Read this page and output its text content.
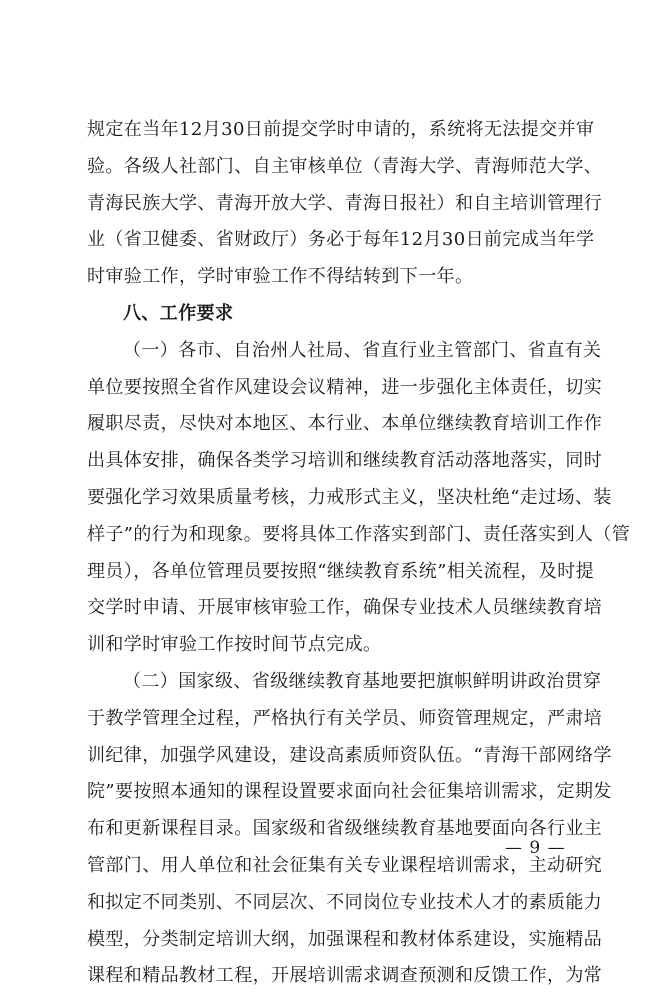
规定在当年12月30日前提交学时申请的，系统将无法提交并审
验。各级人社部门、自主审核单位（青海大学、青海师范大学、
青海民族大学、青海开放大学、青海日报社）和自主培训管理行
业（省卫健委、省财政厅）务必于每年12月30日前完成当年学
时审验工作，学时审验工作不得结转到下一年。
八、工作要求
（一）各市、自治州人社局、省直行业主管部门、省直有关
单位要按照全省作风建设会议精神，进一步强化主体责任，切实
履职尽责，尽快对本地区、本行业、本单位继续教育培训工作作
出具体安排，确保各类学习培训和继续教育活动落地落实，同时
要强化学习效果质量考核，力戒形式主义，坚决杜绝“走过场、装
样子”的行为和现象。要将具体工作落实到部门、责任落实到人（管
理员），各单位管理员要按照“继续教育系统”相关流程，及时提
交学时申请、开展审核审验工作，确保专业技术人员继续教育培
训和学时审验工作按时间节点完成。
（二）国家级、省级继续教育基地要把旗帜鲜明讲政治贯穿
于教学管理全过程，严格执行有关学员、师资管理规定，严肃培
训纪律，加强学风建设，建设高素质师资队伍。“青海干部网络学
院”要按照本通知的课程设置要求面向社会征集培训需求，定期发
布和更新课程目录。国家级和省级继续教育基地要面向各行业主
管部门、用人单位和社会征集有关专业课程培训需求，主动研究
和拟定不同类别、不同层次、不同岗位专业技术人才的素质能力
模型，分类制定培训大纲，加强课程和教材体系建设，实施精品
课程和精品教材工程，开展培训需求调查预测和反馈工作，为常
— 9 —
